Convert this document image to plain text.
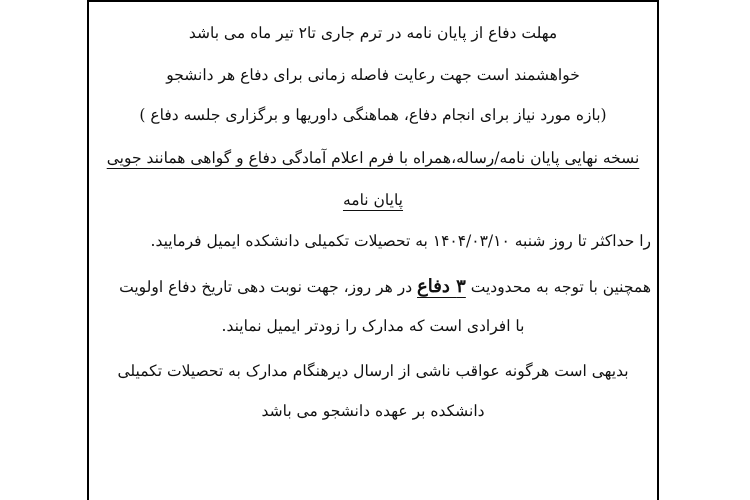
مهلت دفاع از پایان نامه در ترم جاری تا۲ تیر ماه می باشد
خواهشمند است جهت رعایت فاصله زمانی برای دفاع هر دانشجو
(بازه مورد نیاز برای انجام دفاع، هماهنگی داوریها و برگزاری جلسه دفاع )
نسخه نهایی پایان نامه/رساله،همراه با فرم اعلام آمادگی دفاع و گواهی همانند جویی
پایان نامه
را حداکثر تا روز شنبه ۱۴۰۴/۰۳/۱۰ به تحصیلات تکمیلی دانشکده ایمیل فرمایید.
همچنین با توجه به محدودیت ۳ دفاع در هر روز، جهت نوبت دهی تاریخ دفاع اولویت
با افرادی است که مدارک را زودتر ایمیل نمایند.
بدیهی است هرگونه عواقب ناشی از ارسال دیرهنگام مدارک به تحصیلات تکمیلی
دانشکده بر عهده دانشجو می باشد
